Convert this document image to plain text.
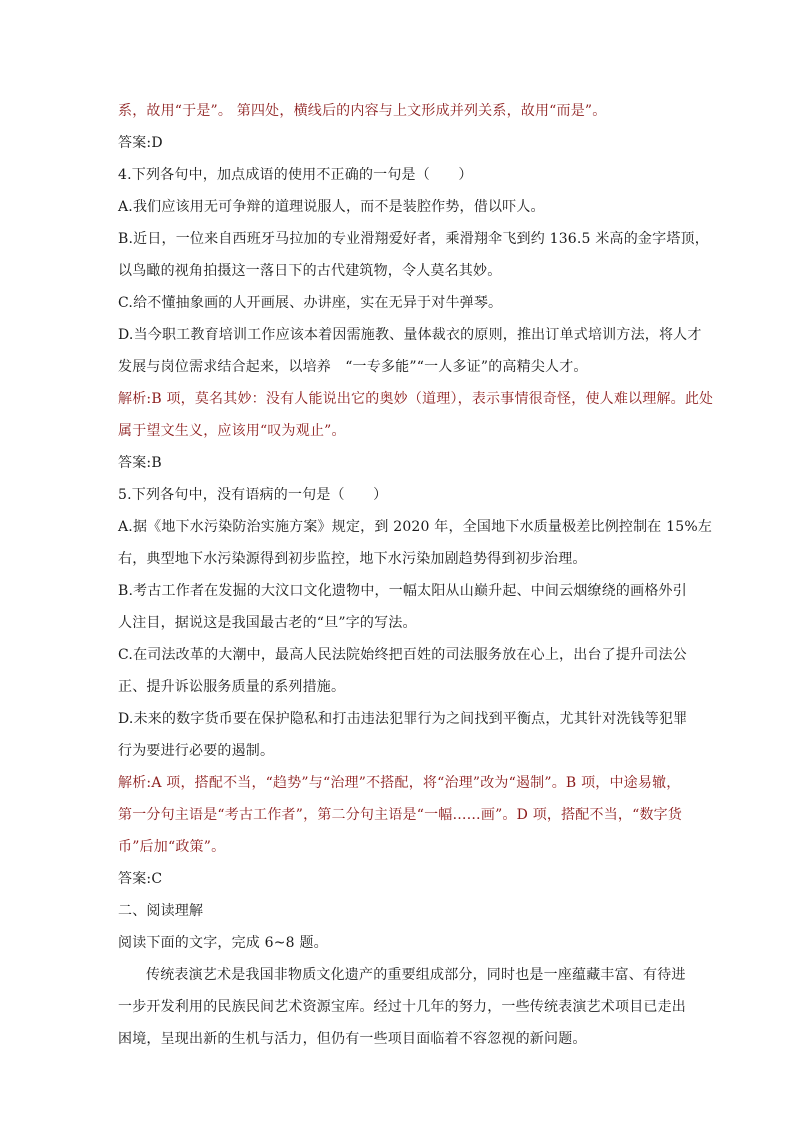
系，故用“于是”。 第四处，横线后的内容与上文形成并列关系，故用“而是”。
答案:D
4.下列各句中，加点成语的使用不正确的一句是（　　）
A.我们应该用无可争辩的道理说服人，而不是装腔作势，借以吓人。
B.近日，一位来自西班牙马拉加的专业滑翔爱好者，乘滑翔伞飞到约 136.5 米高的金字塔顶，
以鸟瞰的视角拍摄这一落日下的古代建筑物，令人莫名其妙。
C.给不懂抽象画的人开画展、办讲座，实在无异于对牛弹琴。
D.当今职工教育培训工作应该本着因需施教、量体裁衣的原则，推出订单式培训方法，将人才
发展与岗位需求结合起来，以培养　“一专多能”“一人多证”的高精尖人才。
解析:B 项，莫名其妙：没有人能说出它的奥妙（道理），表示事情很奇怪，使人难以理解。此处
属于望文生义，应该用“叹为观止”。
答案:B
5.下列各句中，没有语病的一句是（　　）
A.据《地下水污染防治实施方案》规定，到 2020 年，全国地下水质量极差比例控制在 15%左
右，典型地下水污染源得到初步监控，地下水污染加剧趋势得到初步治理。
B.考古工作者在发掘的大汶口文化遗物中，一幅太阳从山巅升起、中间云烟缭绕的画格外引
人注目，据说这是我国最古老的“旦”字的写法。
C.在司法改革的大潮中，最高人民法院始终把百姓的司法服务放在心上，出台了提升司法公
正、提升诉讼服务质量的系列措施。
D.未来的数字货币要在保护隐私和打击违法犯罪行为之间找到平衡点，尤其针对洗钱等犯罪
行为要进行必要的遏制。
解析:A 项，搭配不当，“趋势”与“治理”不搭配，将“治理”改为“遏制”。B 项，中途易辙，
第一分句主语是“考古工作者”，第二分句主语是“一幅……画”。D 项，搭配不当，“数字货
币”后加“政策”。
答案:C
二、阅读理解
阅读下面的文字，完成 6~8 题。
传统表演艺术是我国非物质文化遗产的重要组成部分，同时也是一座蕴藏丰富、有待进
一步开发利用的民族民间艺术资源宝库。经过十几年的努力，一些传统表演艺术项目已走出
困境，呈现出新的生机与活力，但仍有一些项目面临着不容忽视的新问题。
